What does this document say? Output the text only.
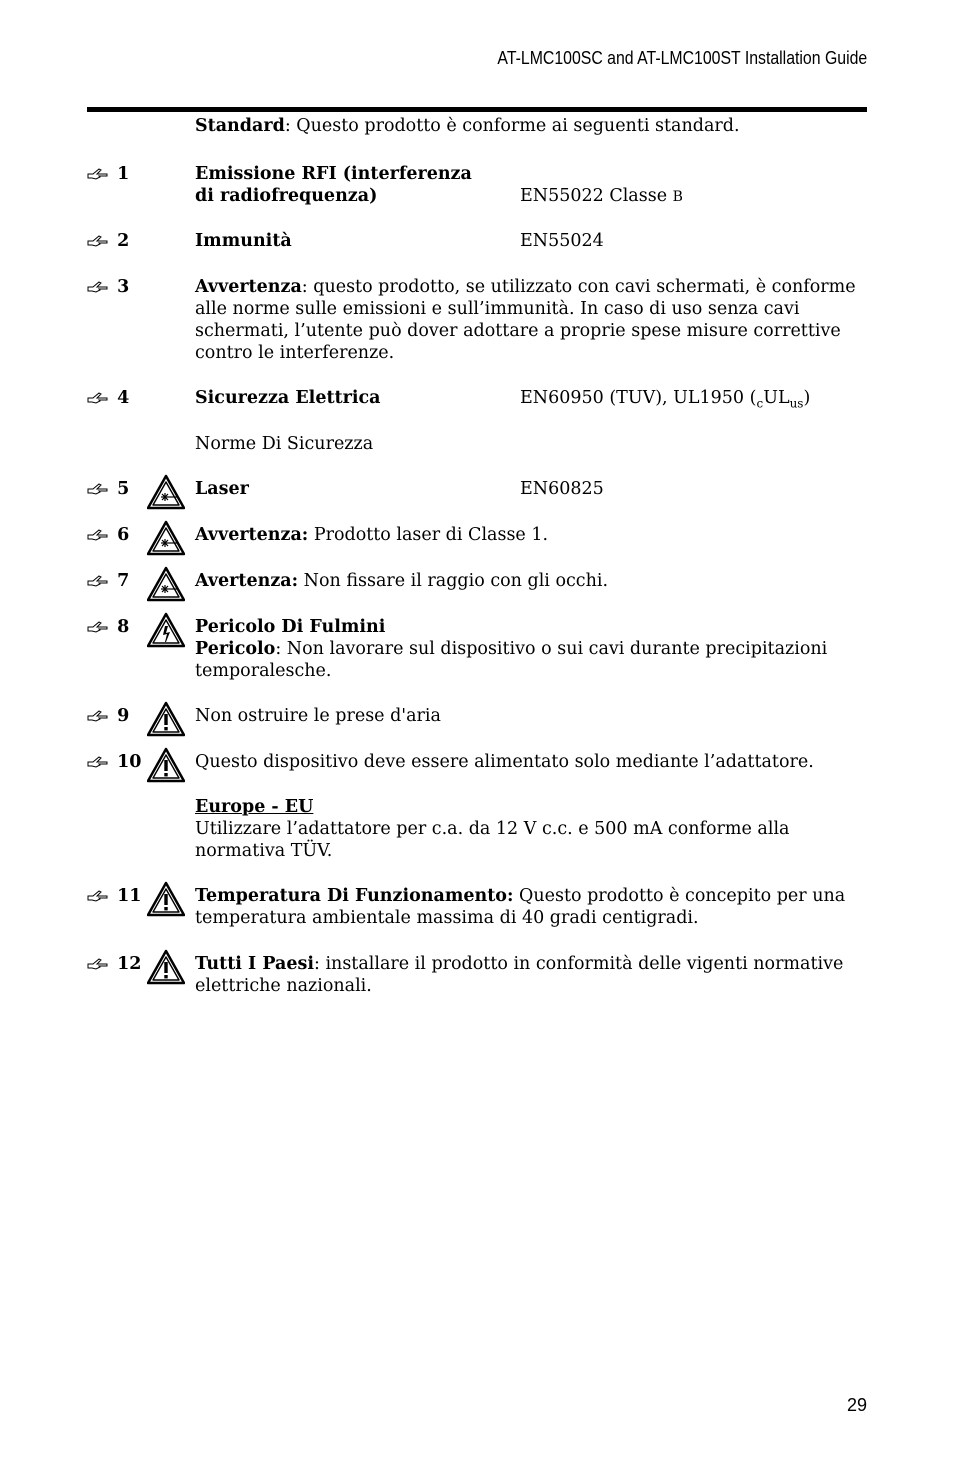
AT-LMC100SC and AT-LMC100ST Installation Guide
Standard: Questo prodotto è conforme ai seguenti standard.
1	Emissione RFI (interferenza
di radiofrequenza)	EN55022 Classe B
2	Immunità	EN55024
3	Avvertenza: questo prodotto, se utilizzato con cavi schermati, è conforme alle norme sulle emissioni e sull’immunità. In caso di uso senza cavi schermati, l’utente può dover adottare a proprie spese misure correttive contro le interferenze.
4	Sicurezza Elettrica	EN60950 (TUV), UL1950 $(_cUL_{us})$
Norme Di Sicurezza
5	Laser	EN60825
6	Avvertenza: Prodotto laser di Classe 1.
7	Avertenza: Non fissare il raggio con gli occhi.
8	Pericolo Di Fulmini
Pericolo: Non lavorare sul dispositivo o sui cavi durante precipitazioni temporalesche.
9	Non ostruire le prese d'aria
10	Questo dispositivo deve essere alimentato solo mediante l’adattatore.
Europe - EU
Utilizzare l’adattatore per c.a. da 12 V c.c. e 500 mA conforme alla normativa TÜV.
11	Temperatura Di Funzionamento: Questo prodotto è concepito per una temperatura ambientale massima di 40 gradi centigradi.
12	Tutti I Paesi: installare il prodotto in conformità delle vigenti normative elettriche nazionali.
29
